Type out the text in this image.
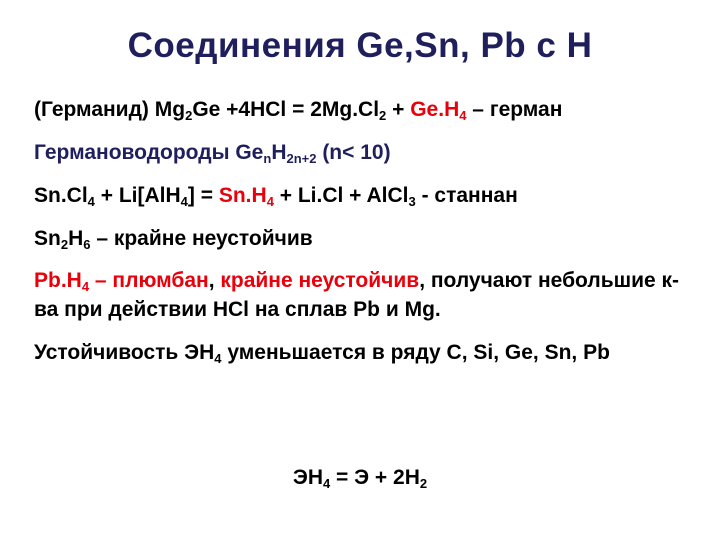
Соединения Ge,Sn, Pb с H

(Германид) $Mg_2Ge +4HCl = 2Mg.Cl_2 + Ge.H_4$ – герман

Германоводороды $Ge_nH_{2n+2}$ (n< 10)

$Sn.Cl_4 + Li[AlH_4] = Sn.H_4 + Li.Cl$ + AlCl$_3$ - станнан

$Sn_2H_6$ – крайне неустойчив

$Pb.H_4$ – плюмбан, крайне неустойчив, получают небольшие к-ва при действии HCl на сплав Pb и Mg.

Устойчивость $ЭН_4$ уменьшается в ряду C, Si, Ge, Sn, Pb

$ЭН_4 = Э + 2H_2$
